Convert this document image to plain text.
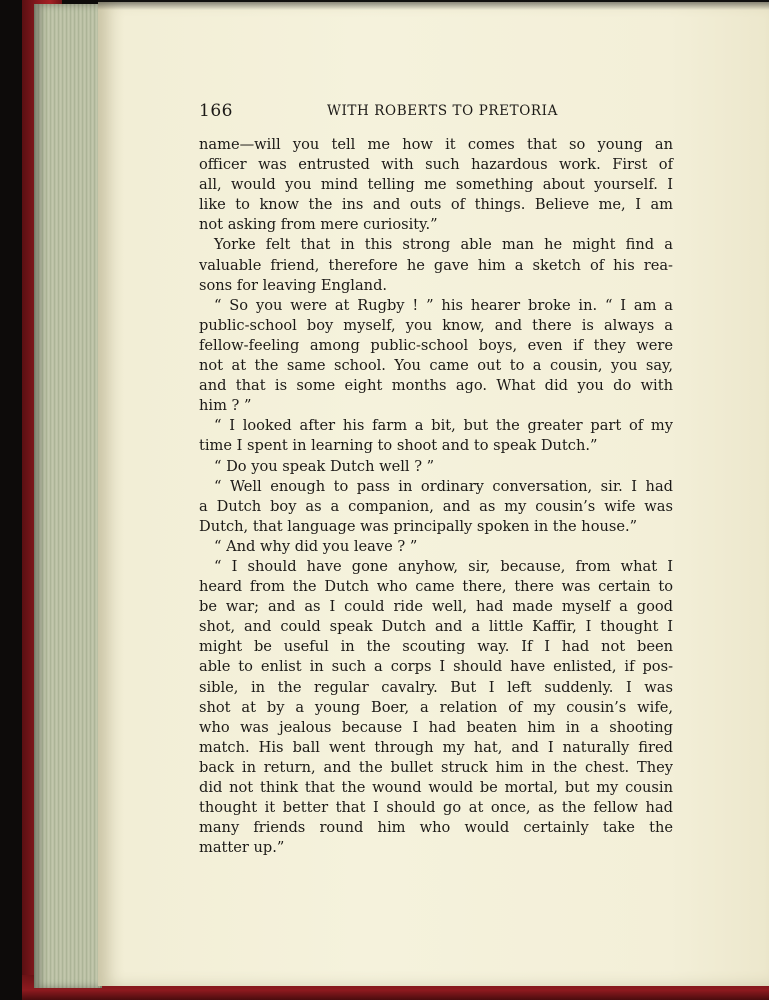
166	WITH ROBERTS TO PRETORIA
name—will you tell me how it comes that so young an
officer was entrusted with such hazardous work. First of
all, would you mind telling me something about yourself. I
like to know the ins and outs of things. Believe me, I am
not asking from mere curiosity.”
Yorke felt that in this strong able man he might find a
valuable friend, therefore he gave him a sketch of his rea-
sons for leaving England.
“ So you were at Rugby ! ” his hearer broke in. “ I am a
public-school boy myself, you know, and there is always a
fellow-feeling among public-school boys, even if they were
not at the same school. You came out to a cousin, you say,
and that is some eight months ago. What did you do with
him ? ”
“ I looked after his farm a bit, but the greater part of my
time I spent in learning to shoot and to speak Dutch.”
“ Do you speak Dutch well ? ”
“ Well enough to pass in ordinary conversation, sir. I had
a Dutch boy as a companion, and as my cousin’s wife was
Dutch, that language was principally spoken in the house.”
“ And why did you leave ? ”
“ I should have gone anyhow, sir, because, from what I
heard from the Dutch who came there, there was certain to
be war; and as I could ride well, had made myself a good
shot, and could speak Dutch and a little Kaffir, I thought I
might be useful in the scouting way. If I had not been
able to enlist in such a corps I should have enlisted, if pos-
sible, in the regular cavalry. But I left suddenly. I was
shot at by a young Boer, a relation of my cousin’s wife,
who was jealous because I had beaten him in a shooting
match. His ball went through my hat, and I naturally fired
back in return, and the bullet struck him in the chest. They
did not think that the wound would be mortal, but my cousin
thought it better that I should go at once, as the fellow had
many friends round him who would certainly take the
matter up.”
